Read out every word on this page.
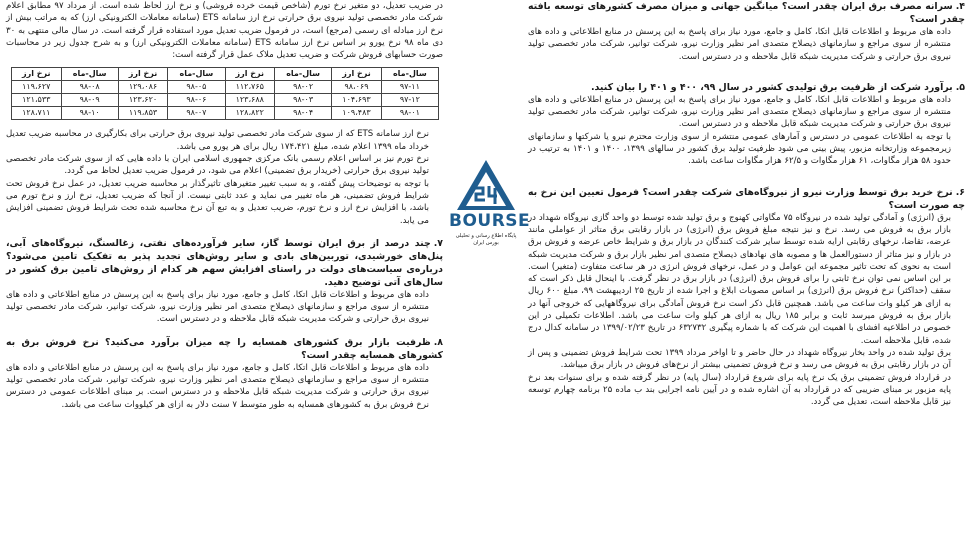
۴.سرانه مصرف برق ایران چقدر است؟ میانگین جهانی و میزان مصرف کشورهای توسعه یافته چقدر است؟

داده های مربوط و اطلاعات قابل اتکا، کامل و جامع، مورد نیاز برای پاسخ به این پرسش در منابع اطلاعاتی و داده های منتشره از سوی مراجع و سازمانهای ذیصلاح متصدی امر نظیر وزارت نیرو، شرکت توانیر، شرکت مادر تخصصی تولید نیروی برق حرارتی و شرکت مدیریت شبکه قابل ملاحظه و در دسترس است.

۵.برآورد شرکت از ظرفیت برق تولیدی کشور در سال ۹۹، ۴۰۰ و ۴۰۱ را بیان کنید.

داده های مربوط و اطلاعات قابل اتکا، کامل و جامع، مورد نیاز برای پاسخ به این پرسش در منابع اطلاعاتی و داده های منتشره از سوی مراجع و سازمانهای ذیصلاح متصدی امر نظیر وزارت نیرو، شرکت توانیر، شرکت مادر تخصصی تولید نیروی برق حرارتی و شرکت مدیریت شبکه قابل ملاحظه و در دسترس است.

با توجه به اطلاعات عمومی در دسترس و آمارهای عمومی منتشره از سوی وزارت محترم نیرو یا شرکتها و سازمانهای زیرمجموعه وزارتخانه مزبور، پیش بینی می شود ظرفیت تولید برق کشور در سالهای ۱۳۹۹، ۱۴۰۰ و ۱۴۰۱ به ترتیب در حدود ۵۸ هزار مگاوات، ۶۱ هزار مگاوات و ۶۲/۵ هزار مگاوات ساعت باشد.

۶.نرخ خرید برق توسط وزارت نیرو از نیروگاه‌های شرکت چقدر است؟ فرمول تعیین این نرخ به چه صورت است؟

برق (انرژی) و آمادگی تولید شده در نیروگاه ۷۵ مگاواتی کهنوج و برق تولید شده توسط دو واحد گازی نیروگاه شهداد در بازار برق به فروش می رسد. نرخ و نیز نتیجه مبلغ فروش برق (انرژی) در بازار رقابتی برق متاثر از عواملی مانند عرضه، تقاضا، نرخهای رقابتی ارایه شده توسط سایر شرکت کنندگان در بازار برق و شرایط خاص عرضه و فروش برق در بازار و نیز متاثر از دستورالعمل ها و مصوبه های نهادهای ذیصلاح متصدی امر نظیر بازار برق و شرکت مدیریت شبکه است به نحوی که تحت تاثیر مجموعه این عوامل و در عمل، نرخهای فروش انرژی در هر ساعت متفاوت (متغیر) است. بر این اساس نمی توان نرخ ثابتی را برای فروش برق (انرژی) در بازار برق در نظر گرفت. با اینحال قابل ذکر است که سقف (حداکثر) نرخ فروش برق (انرژی) بر اساس مصوبات ابلاغ و اجرا شده از تاریخ ۲۵ اردیبهشت ۹۹، مبلغ ۶۰۰ ریال به ازای هر کیلو وات ساعت می باشد. همچنین قابل ذکر است نرخ فروش آمادگی برای نیروگاههایی که خروجی آنها در بازار برق به فروش میرسد ثابت و برابر ۱۸۵ ریال به ازای هر کیلو وات ساعت می باشد. اطلاعات تکمیلی در این خصوص در اطلاعیه افشای با اهمیت این شرکت که با شماره پیگیری ۶۳۲۷۳۲ در تاریخ ۱۳۹۹/۰۲/۲۳ در سامانه کدال درج شده، قابل ملاحظه است.

برق تولید شده در واحد بخار نیروگاه شهداد در حال حاضر و تا اواخر مرداد ۱۳۹۹ تحت شرایط فروش تضمینی و پس از آن در بازار رقابتی برق به فروش می رسد و نرخ فروش تضمینی بیشتر از نرخ‌های فروش در بازار برق میباشد.

در قرارداد فروش تضمینی برق یک نرخ پایه برای شروع قرارداد (سال پایه) در نظر گرفته شده و برای سنوات بعد نرخ پایه مزبور بر مبنای ضریبی که در قرارداد به آن اشاره شده و در آیین نامه اجرایی بند ب ماده ۲۵ برنامه چهارم توسعه نیز قابل ملاحظه است، تعدیل می گردد.

BOURSE
پایگاه اطلاع رسانی و تحلیلی بورس ایران

در ضریب تعدیل، دو متغیر نرخ تورم (شاخص قیمت خرده فروشی) و نرخ ارز لحاظ شده است. از مرداد ۹۷ مطابق اعلام شرکت مادر تخصصی تولید نیروی برق حرارتی نرخ ارز سامانه ETS (سامانه معاملات الکترونیکی ارز) که به مراتب بیش از نرخ ارز مبادله ای رسمی (مرجع) است، در فرمول ضریب تعدیل مورد استفاده قرار گرفته است. در سال مالی منتهی به ۳۰ دی ماه ۹۸ نرخ یورو بر اساس نرخ ارز سامانه ETS (سامانه معاملات الکترونیکی ارز) و به شرح جدول زیر در محاسبات صورت حسابهای فروش شرکت و ضریب تعدیل ملاک عمل قرار گرفته است:

سال-ماه	نرخ ارز	سال-ماه	نرخ ارز	سال-ماه	نرخ ارز	سال-ماه	نرخ ارز
۹۷-۱۱	۹۸،۰۶۹	۹۸-۰۲	۱۱۲،۷۶۵	۹۸-۰۵	۱۲۹،۰۸۶	۹۸-۰۸	۱۱۹،۶۲۷
۹۷-۱۲	۱۰۴،۶۹۳	۹۸-۰۳	۱۲۳،۶۸۸	۹۸-۰۶	۱۲۳،۶۲۰	۹۸-۰۹	۱۲۱،۵۳۳
۹۸-۰۱	۱۰۹،۴۸۳	۹۸-۰۴	۱۲۸،۸۲۲	۹۸-۰۷	۱۱۹،۸۵۳	۹۸-۱۰	۱۲۸،۷۱۱

نرخ ارز سامانه ETS که از سوی شرکت مادر تخصصی تولید نیروی برق حرارتی برای بکارگیری در محاسبه ضریب تعدیل خرداد ماه ۱۳۹۹ اعلام شده، مبلغ ۱۷۴،۴۲۱ ریال برای هر یورو می باشد.

نرخ تورم نیز بر اساس اعلام رسمی بانک مرکزی جمهوری اسلامی ایران با داده هایی که از سوی شرکت مادر تخصصی تولید نیروی برق حرارتی (خریدار برق تضمینی) اعلام می شود، در فرمول ضریب تعدیل لحاظ می گردد.

با توجه به توضیحات پیش گفته، و به سبب تغییر متغیرهای تاثیرگذار بر محاسبه ضریب تعدیل، در عمل نرخ فروش تحت شرایط فروش تضمینی، هر ماه تغییر می نماید و عدد ثابتی نیست. از آنجا که ضریب تعدیل، نرخ ارز و نرخ تورم می باشد، با افزایش نرخ ارز و نرخ تورم، ضریب تعدیل و به تبع آن نرخ محاسبه شده تحت شرایط فروش تضمینی افزایش می یابد.

۷.چند درصد از برق ایران توسط گاز، سایر فرآورده‌های نفتی، زغالسنگ، نیروگاه‌های آبی، پنل‌های خورشیدی، توربین‌های بادی و سایر روش‌های تجدید پذیر به تفکیک تامین می‌شود؟ درباره‌ی سیاست‌های دولت در راستای افزایش سهم هر کدام از روش‌های تامین برق کشور در سال‌های آتی توضیح دهید.

داده های مربوط و اطلاعات قابل اتکا، کامل و جامع، مورد نیاز برای پاسخ به این پرسش در منابع اطلاعاتی و داده های منتشره از سوی مراجع و سازمانهای ذیصلاح متصدی امر نظیر وزارت نیرو، شرکت توانیر، شرکت مادر تخصصی تولید نیروی برق حرارتی و شرکت مدیریت شبکه قابل ملاحظه و در دسترس است.

۸.ظرفیت بازار برق کشورهای همسایه را چه میزان برآورد می‌کنید؟ نرخ فروش برق به کشورهای همسایه چقدر است؟

داده های مربوط و اطلاعات قابل اتکا، کامل و جامع، مورد نیاز برای پاسخ به این پرسش در منابع اطلاعاتی و داده های منتشره از سوی مراجع و سازمانهای ذیصلاح متصدی امر نظیر وزارت نیرو، شرکت توانیر، شرکت مادر تخصصی تولید نیروی برق حرارتی و شرکت مدیریت شبکه قابل ملاحظه و در دسترس است. بر مبنای اطلاعات عمومی در دسترس نرخ فروش برق به کشورهای همسایه به طور متوسط ۷ سنت دلار به ازای هر کیلووات ساعت می باشد.
